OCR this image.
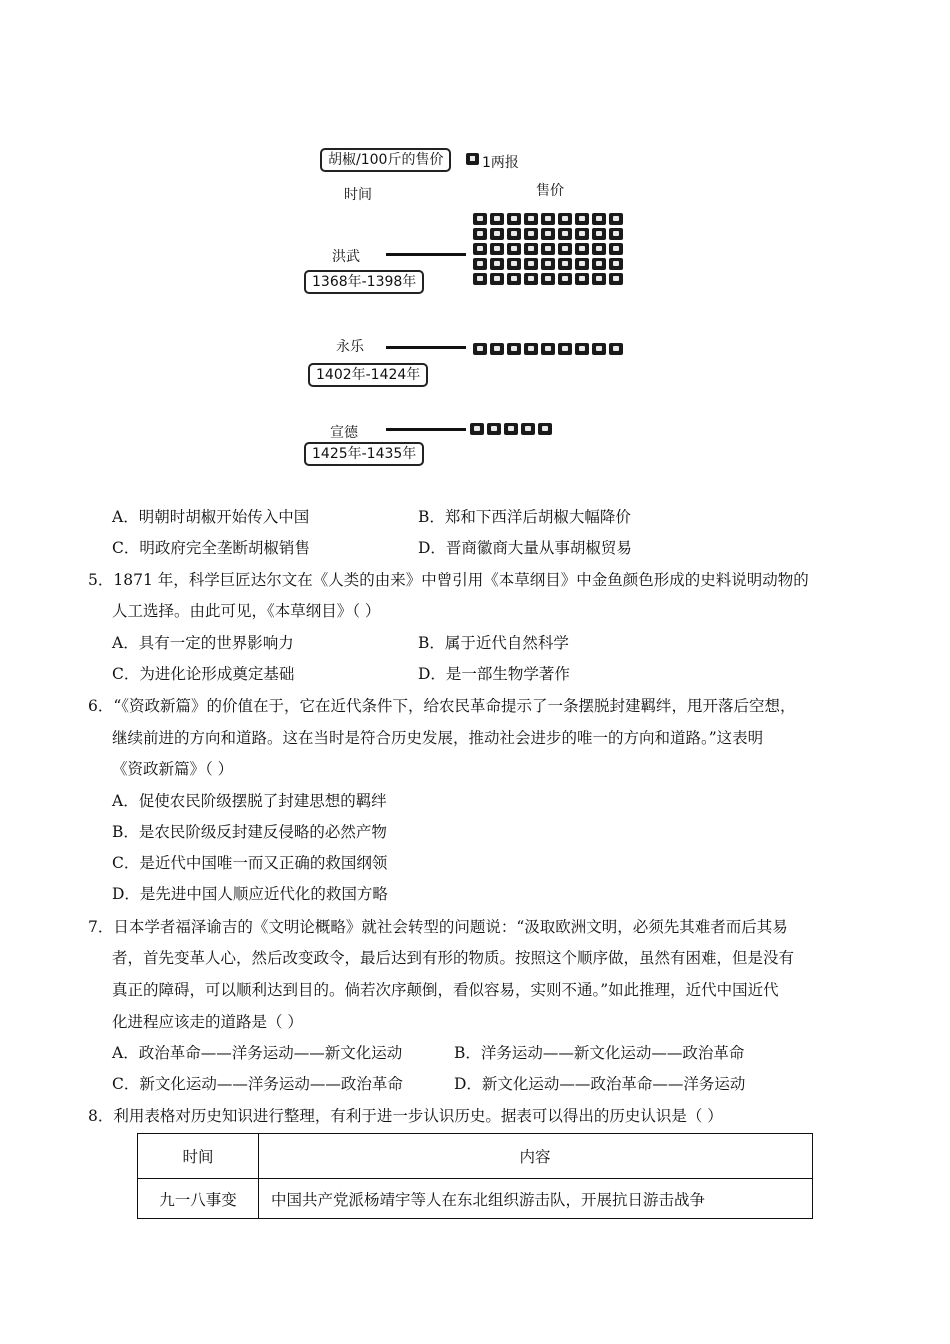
胡椒/100斤的售价	1两报
时间	售价
洪武
1368年-1398年
永乐
1402年-1424年
宣德
1425年-1435年
A．明朝时胡椒开始传入中国	B．郑和下西洋后胡椒大幅降价
C．明政府完全垄断胡椒销售	D．晋商徽商大量从事胡椒贸易
5．1871 年，科学巨匠达尔文在《人类的由来》中曾引用《本草纲目》中金鱼颜色形成的史料说明动物的
人工选择。由此可见，《本草纲目》（ ）
A．具有一定的世界影响力	B．属于近代自然科学
C．为进化论形成奠定基础	D．是一部生物学著作
6．“《资政新篇》的价值在于，它在近代条件下，给农民革命提示了一条摆脱封建羁绊，甩开落后空想，
继续前进的方向和道路。这在当时是符合历史发展，推动社会进步的唯一的方向和道路。”这表明
《资政新篇》（ ）
A．促使农民阶级摆脱了封建思想的羁绊
B．是农民阶级反封建反侵略的必然产物
C．是近代中国唯一而又正确的救国纲领
D．是先进中国人顺应近代化的救国方略
7．日本学者福泽谕吉的《文明论概略》就社会转型的问题说：“汲取欧洲文明，必须先其难者而后其易
者，首先变革人心，然后改变政令，最后达到有形的物质。按照这个顺序做，虽然有困难，但是没有
真正的障碍，可以顺利达到目的。倘若次序颠倒，看似容易，实则不通。”如此推理，近代中国近代
化进程应该走的道路是（ ）
A．政治革命——洋务运动——新文化运动	B．洋务运动——新文化运动——政治革命
C．新文化运动——洋务运动——政治革命	D．新文化运动——政治革命——洋务运动
8．利用表格对历史知识进行整理，有利于进一步认识历史。据表可以得出的历史认识是（ ）
时间	内容
九一八事变	中国共产党派杨靖宇等人在东北组织游击队，开展抗日游击战争
